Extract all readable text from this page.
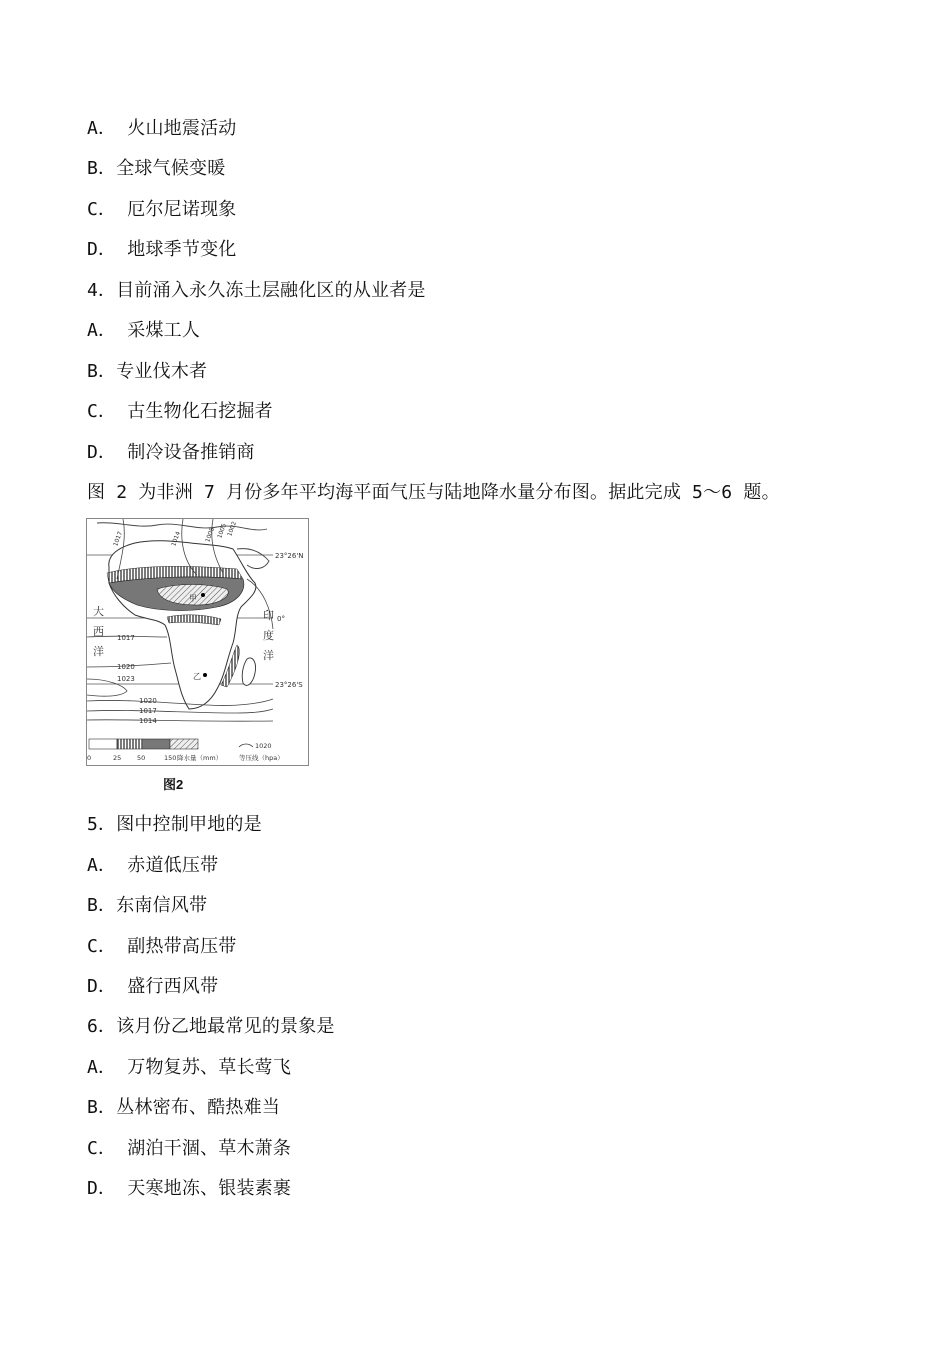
A． 火山地震活动
B．全球气候变暖
C． 厄尔尼诺现象
D． 地球季节变化
4．目前涌入永久冻土层融化区的从业者是
A． 采煤工人
B．专业伐木者
C． 古生物化石挖掘者
D． 制冷设备推销商
图 2 为非洲 7 月份多年平均海平面气压与陆地降水量分布图。据此完成 5～6 题。
23°26'N
0°
23°26'S
大
西
洋
印
度
洋
甲
乙
1017
1020
1023
1020
1017
1014
1017	1014	1008 1005
1002
0	25 50	150 降水量（mm）
1020
等压线（hpa）
图2
5．图中控制甲地的是
A． 赤道低压带
B．东南信风带
C． 副热带高压带
D． 盛行西风带
6．该月份乙地最常见的景象是
A． 万物复苏、草长莺飞
B．丛林密布、酷热难当
C． 湖泊干涸、草木萧条
D． 天寒地冻、银装素裹
